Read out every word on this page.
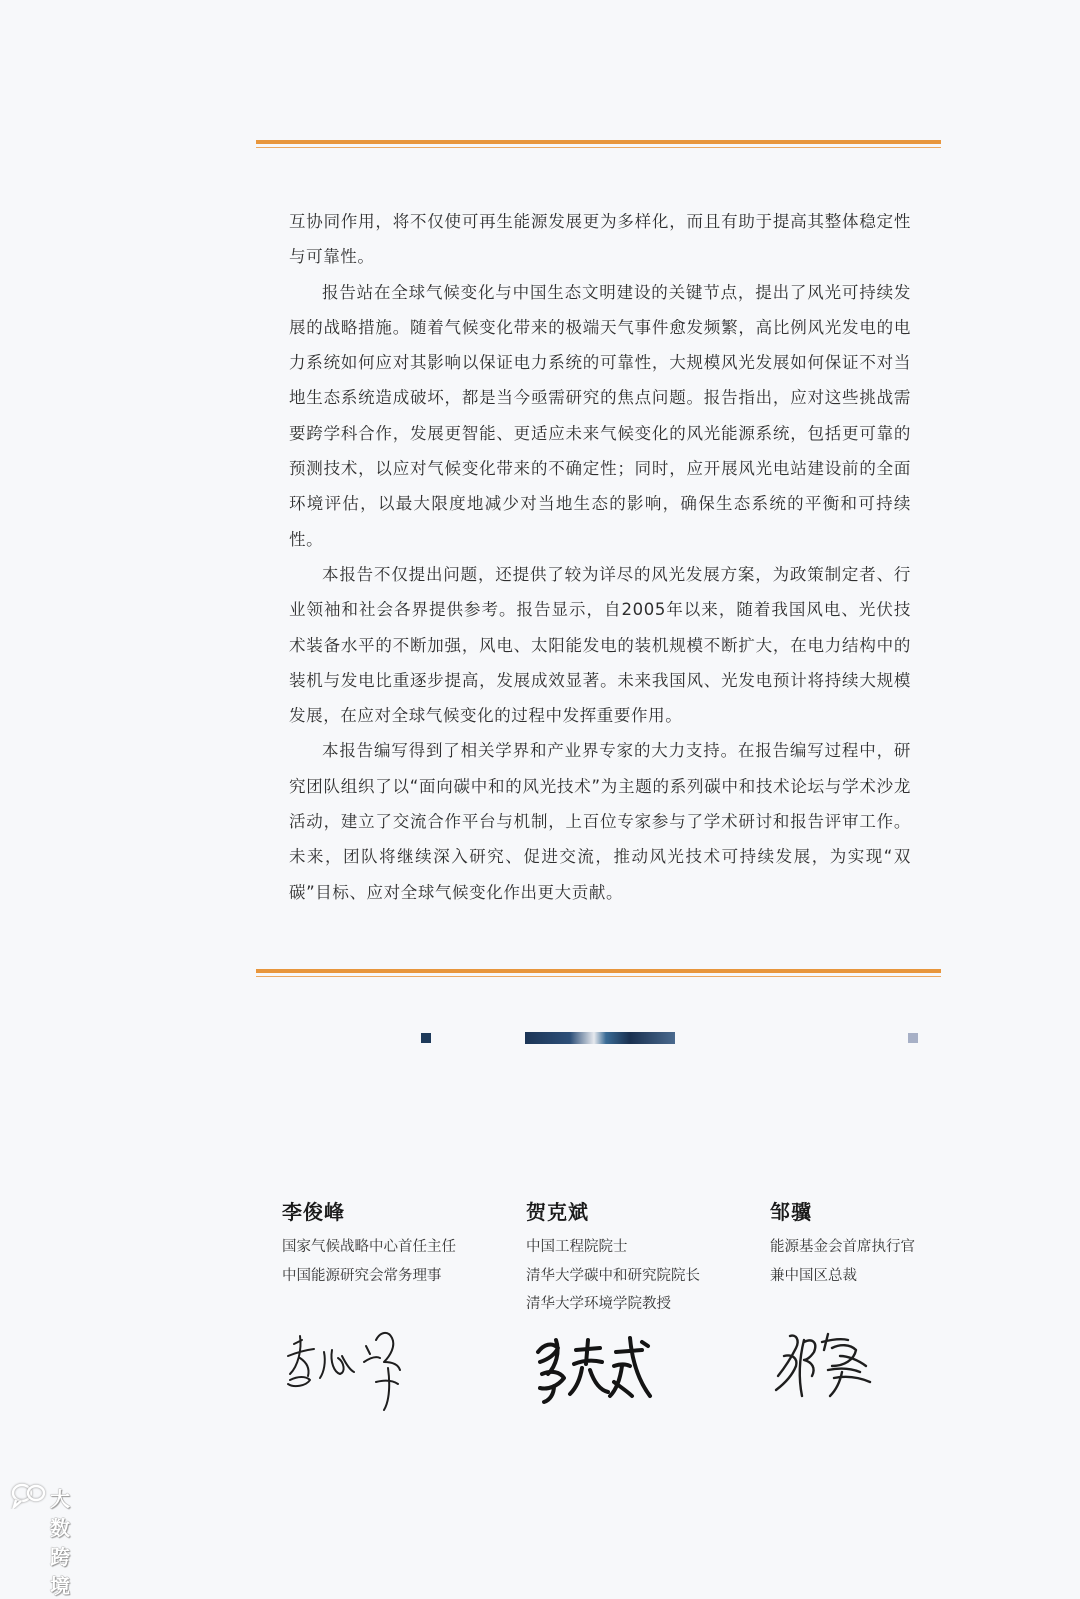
互协同作用，将不仅使可再生能源发展更为多样化，而且有助于提高其整体稳定性与可靠性。

报告站在全球气候变化与中国生态文明建设的关键节点，提出了风光可持续发展的战略措施。随着气候变化带来的极端天气事件愈发频繁，高比例风光发电的电力系统如何应对其影响以保证电力系统的可靠性，大规模风光发展如何保证不对当地生态系统造成破坏，都是当今亟需研究的焦点问题。报告指出，应对这些挑战需要跨学科合作，发展更智能、更适应未来气候变化的风光能源系统，包括更可靠的预测技术，以应对气候变化带来的不确定性；同时，应开展风光电站建设前的全面环境评估，以最大限度地减少对当地生态的影响，确保生态系统的平衡和可持续性。

本报告不仅提出问题，还提供了较为详尽的风光发展方案，为政策制定者、行业领袖和社会各界提供参考。报告显示，自2005年以来，随着我国风电、光伏技术装备水平的不断加强，风电、太阳能发电的装机规模不断扩大，在电力结构中的装机与发电比重逐步提高，发展成效显著。未来我国风、光发电预计将持续大规模发展，在应对全球气候变化的过程中发挥重要作用。

本报告编写得到了相关学界和产业界专家的大力支持。在报告编写过程中，研究团队组织了以“面向碳中和的风光技术”为主题的系列碳中和技术论坛与学术沙龙活动，建立了交流合作平台与机制，上百位专家参与了学术研讨和报告评审工作。未来，团队将继续深入研究、促进交流，推动风光技术可持续发展，为实现“双碳”目标、应对全球气候变化作出更大贡献。

李俊峰
国家气候战略中心首任主任
中国能源研究会常务理事
贺克斌
中国工程院院士
清华大学碳中和研究院院长
清华大学环境学院教授
邹骥
能源基金会首席执行官
兼中国区总裁
大数跨境
